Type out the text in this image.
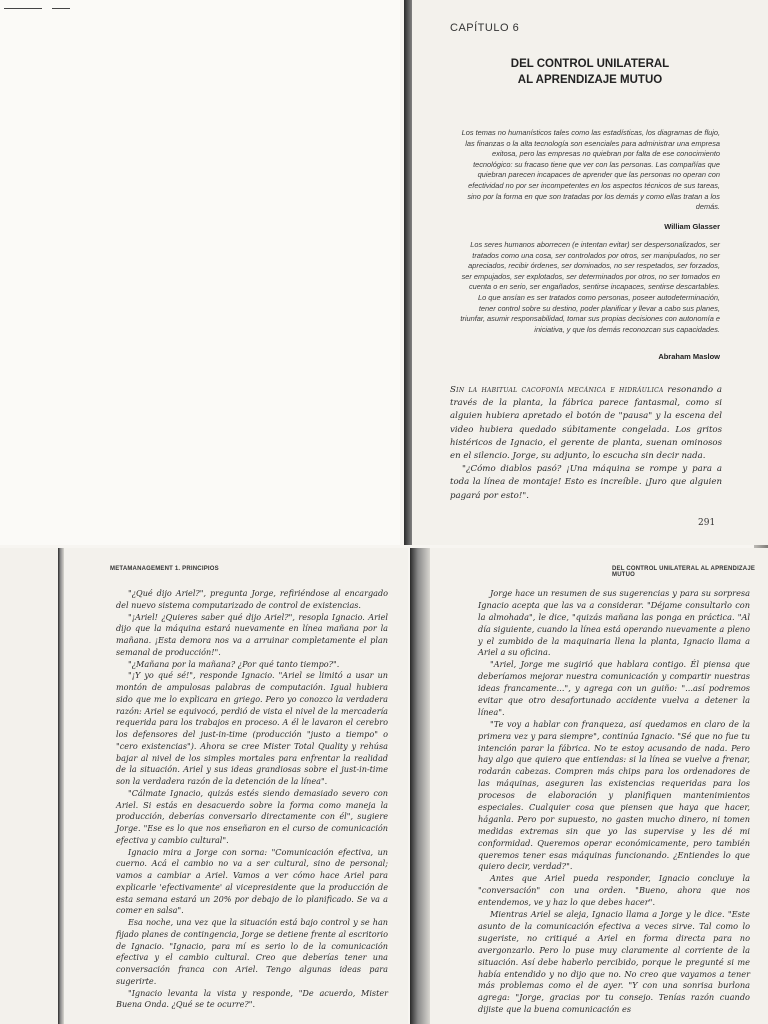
CAPÍTULO 6
DEL CONTROL UNILATERAL
AL APRENDIZAJE MUTUO
Los temas no humanísticos tales como las estadísticas, los diagramas de flujo, las finanzas o la alta tecnología son esenciales para administrar una empresa exitosa, pero las empresas no quiebran por falta de ese conocimiento tecnológico: su fracaso tiene que ver con las personas. Las compañías que quiebran parecen incapaces de aprender que las personas no operan con efectividad no por ser incompetentes en los aspectos técnicos de sus tareas, sino por la forma en que son tratadas por los demás y como ellas tratan a los demás.
William Glasser
Los seres humanos aborrecen (e intentan evitar) ser despersonalizados, ser tratados como una cosa, ser controlados por otros, ser manipulados, no ser apreciados, recibir órdenes, ser dominados, no ser respetados, ser forzados, ser empujados, ser explotados, ser determinados por otros, no ser tomados en cuenta o en serio, ser engañados, sentirse incapaces, sentirse descartables. Lo que ansían es ser tratados como personas, poseer autodeterminación, tener control sobre su destino, poder planificar y llevar a cabo sus planes, triunfar, asumir responsabilidad, tomar sus propias decisiones con autonomía e iniciativa, y que los demás reconozcan sus capacidades.
Abraham Maslow

Sin la habitual cacofonía mecánica e hidráulica resonando a través de la planta, la fábrica parece fantasmal, como si alguien hubiera apretado el botón de "pausa" y la escena del video hubiera quedado súbitamente congelada. Los gritos histéricos de Ignacio, el gerente de planta, suenan ominosos en el silencio. Jorge, su adjunto, lo escucha sin decir nada.

"¿Cómo diablos pasó? ¡Una máquina se rompe y para a toda la línea de montaje! Esto es increíble. ¡Juro que alguien pagará por esto!".

291
METAMANAGEMENT 1. PRINCIPIOS

"¿Qué dijo Ariel?", pregunta Jorge, refiriéndose al encargado del nuevo sistema computarizado de control de existencias.

"¡Ariel! ¿Quieres saber qué dijo Ariel?", resopla Ignacio. Ariel dijo que la máquina estará nuevamente en línea mañana por la mañana. ¡Esta demora nos va a arruinar completamente el plan semanal de producción!".

"¿Mañana por la mañana? ¿Por qué tanto tiempo?".

"¡Y yo qué sé!", responde Ignacio. "Ariel se limitó a usar un montón de ampulosas palabras de computación. Igual hubiera sido que me lo explicara en griego. Pero yo conozco la verdadera razón: Ariel se equivocó, perdió de vista el nivel de la mercadería requerida para los trabajos en proceso. A él le lavaron el cerebro los defensores del just-in-time (producción "justo a tiempo" o "cero existencias"). Ahora se cree Mister Total Quality y rehúsa bajar al nivel de los simples mortales para enfrentar la realidad de la situación. Ariel y sus ideas grandiosas sobre el just-in-time son la verdadera razón de la detención de la línea".

"Cálmate Ignacio, quizás estés siendo demasiado severo con Ariel. Si estás en desacuerdo sobre la forma como maneja la producción, deberías conversarlo directamente con él", sugiere Jorge. "Ese es lo que nos enseñaron en el curso de comunicación efectiva y cambio cultural".

Ignacio mira a Jorge con sorna: "Comunicación efectiva, un cuerno. Acá el cambio no va a ser cultural, sino de personal; vamos a cambiar a Ariel. Vamos a ver cómo hace Ariel para explicarle 'efectivamente' al vicepresidente que la producción de esta semana estará un 20% por debajo de lo planificado. Se va a comer en salsa".

Esa noche, una vez que la situación está bajo control y se han fijado planes de contingencia, Jorge se detiene frente al escritorio de Ignacio. "Ignacio, para mí es serio lo de la comunicación efectiva y el cambio cultural. Creo que deberías tener una conversación franca con Ariel. Tengo algunas ideas para sugerirte.

"Ignacio levanta la vista y responde, "De acuerdo, Mister Buena Onda. ¿Qué se te ocurre?".

DEL CONTROL UNILATERAL AL APRENDIZAJE MUTUO

Jorge hace un resumen de sus sugerencias y para su sorpresa Ignacio acepta que las va a considerar. "Déjame consultarlo con la almohada", le dice, "quizás mañana las ponga en práctica. "Al día siguiente, cuando la línea está operando nuevamente a pleno y el zumbido de la maquinaria llena la planta, Ignacio llama a Ariel a su oficina.

"Ariel, Jorge me sugirió que hablara contigo. Él piensa que deberíamos mejorar nuestra comunicación y compartir nuestras ideas francamente...", y agrega con un guiño: "...así podremos evitar que otro desafortunado accidente vuelva a detener la línea".

"Te voy a hablar con franqueza, así quedamos en claro de la primera vez y para siempre", continúa Ignacio. "Sé que no fue tu intención parar la fábrica. No te estoy acusando de nada. Pero hay algo que quiero que entiendas: si la línea se vuelve a frenar, rodarán cabezas. Compren más chips para los ordenadores de las máquinas, aseguren las existencias requeridas para los procesos de elaboración y planifiquen mantenimientos especiales. Cualquier cosa que piensen que haya que hacer, háganla. Pero por supuesto, no gasten mucho dinero, ni tomen medidas extremas sin que yo las supervise y les dé mi conformidad. Queremos operar económicamente, pero también queremos tener esas máquinas funcionando. ¿Entiendes lo que quiero decir, verdad?".

Antes que Ariel pueda responder, Ignacio concluye la "conversación" con una orden. "Bueno, ahora que nos entendemos, ve y haz lo que debes hacer".

Mientras Ariel se aleja, Ignacio llama a Jorge y le dice. "Este asunto de la comunicación efectiva a veces sirve. Tal como lo sugeriste, no critiqué a Ariel en forma directa para no avergonzarlo. Pero lo puse muy claramente al corriente de la situación. Así debe haberlo percibido, porque le pregunté si me había entendido y no dijo que no. No creo que vayamos a tener más problemas como el de ayer. "Y con una sonrisa burlona agrega: "Jorge, gracias por tu consejo. Tenías razón cuando dijiste que la buena comunicación es
